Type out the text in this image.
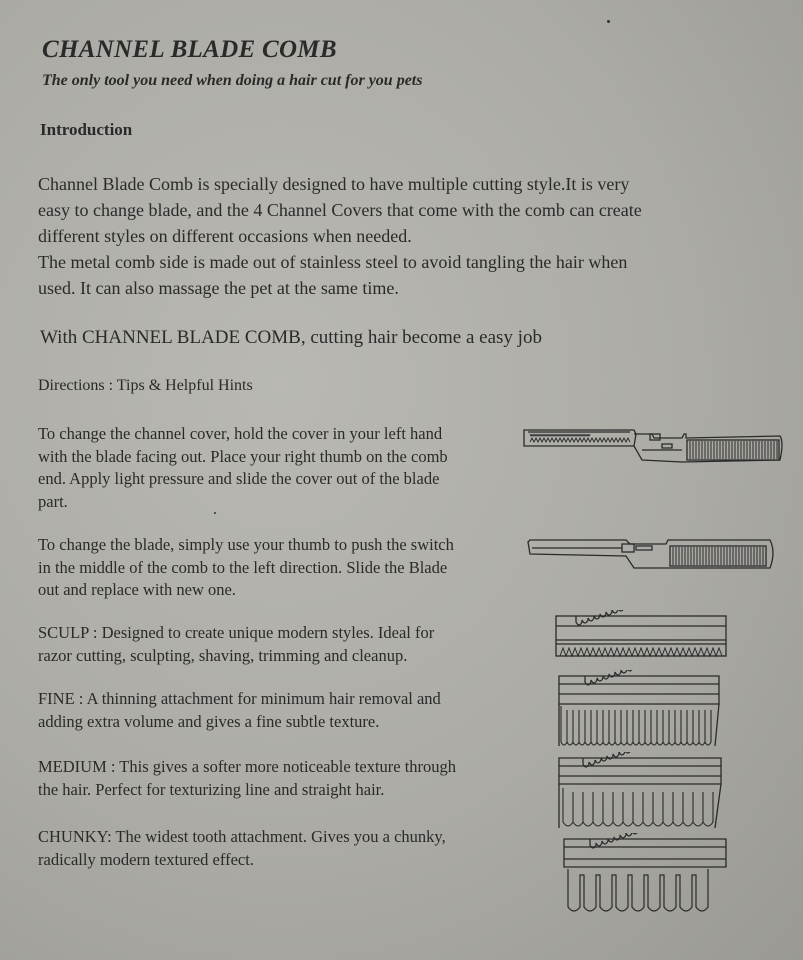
CHANNEL BLADE COMB
The only tool you need when doing a hair cut for you pets
Introduction
Channel Blade Comb is specially designed to have multiple cutting style.It is very
easy to change blade, and the 4 Channel Covers that come with the comb can create
different styles on different occasions when needed.
The metal comb side is made out of stainless steel to avoid tangling the hair when
used. It can also massage the pet at the same time.
With CHANNEL BLADE COMB, cutting hair become a easy job
Directions : Tips & Helpful Hints
To change the channel cover, hold the cover in your left hand
with the blade facing out. Place your right thumb on the comb
end. Apply light pressure and slide the cover out of the blade
part.
To change the blade, simply use your thumb to push the switch
in the middle of the comb to the left direction. Slide the Blade
out and replace with new one.
SCULP : Designed to create unique modern styles. Ideal for
razor cutting, sculpting, shaving, trimming and cleanup.
FINE : A thinning attachment for minimum hair removal and
adding extra volume and gives a fine subtle texture.
MEDIUM : This gives a softer more noticeable texture through
the hair. Perfect for texturizing line and straight hair.
CHUNKY: The widest tooth attachment. Gives you a chunky,
radically modern textured effect.
